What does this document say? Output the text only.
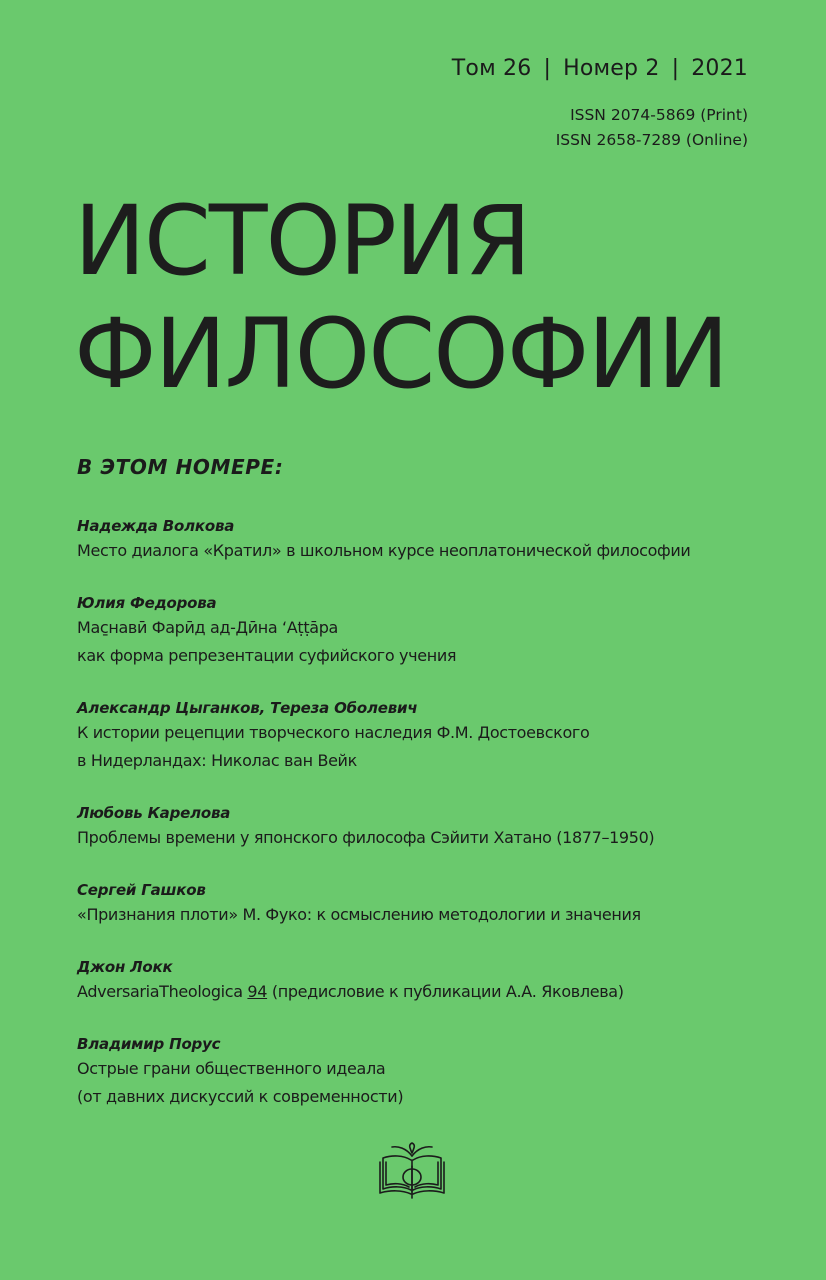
Том 26 | Номер 2 | 2021
ISSN 2074-5869 (Print)
ISSN 2658-7289 (Online)
ИСТОРИЯ
ФИЛОСОФИИ
В ЭТОМ НОМЕРЕ:
Надежда Волкова
Место диалога «Кратил» в школьном курсе неоплатонической философии
Юлия Федорова
Маc̱навӣ Фарӣд ад-Дӣна ‘Аṭṭāра
как форма репрезентации суфийского учения
Александр Цыганков, Тереза Оболевич
К истории рецепции творческого наследия Ф.М. Достоевского
в Нидерландах: Николас ван Вейк
Любовь Карелова
Проблемы времени у японского философа Сэйити Хатано (1877–1950)
Сергей Гашков
«Признания плоти» М. Фуко: к осмыслению методологии и значения
Джон Локк
AdversariaTheologica 94 (предисловие к публикации А.А. Яковлева)
Владимир Порус
Острые грани общественного идеала
(от давних дискуссий к современности)
